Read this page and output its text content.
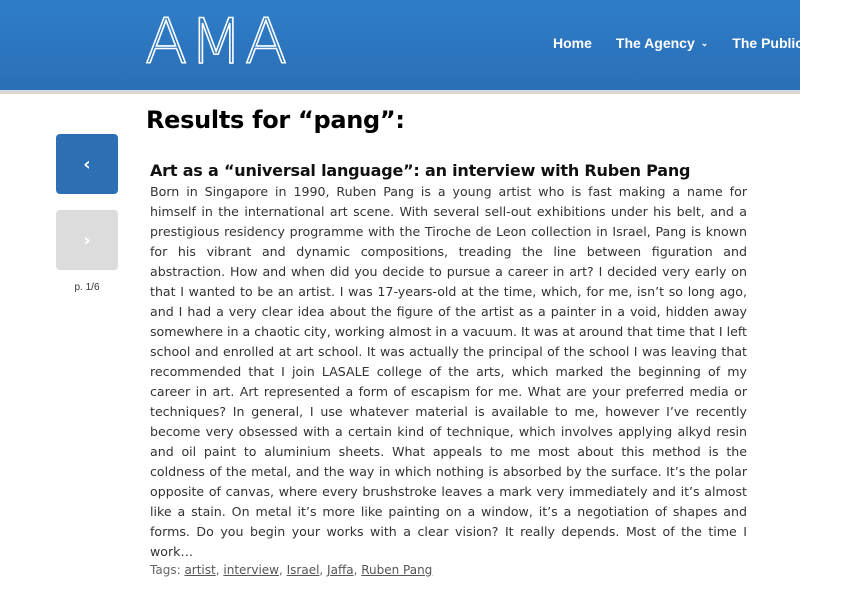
AMA	Home The Agency ⌄ The Publications
‹
›
p. 1/6
Results for “pang”:
Art as a “universal language”: an interview with Ruben Pang

Born in Singapore in 1990, Ruben Pang is a young artist who is fast making a name for himself in the international art scene. With several sell-out exhibitions under his belt, and a prestigious residency programme with the Tiroche de Leon collection in Israel, Pang is known for his vibrant and dynamic compositions, treading the line between figuration and abstraction. How and when did you decide to pursue a career in art? I decided very early on that I wanted to be an artist. I was 17-years-old at the time, which, for me, isn’t so long ago, and I had a very clear idea about the figure of the artist as a painter in a void, hidden away somewhere in a chaotic city, working almost in a vacuum. It was at around that time that I left school and enrolled at art school. It was actually the principal of the school I was leaving that recommended that I join LASALE college of the arts, which marked the beginning of my career in art. Art represented a form of escapism for me. What are your preferred media or techniques? In general, I use whatever material is available to me, however I’ve recently become very obsessed with a certain kind of technique, which involves applying alkyd resin and oil paint to aluminium sheets. What appeals to me most about this method is the coldness of the metal, and the way in which nothing is absorbed by the surface. It’s the polar opposite of canvas, where every brushstroke leaves a mark very immediately and it’s almost like a stain. On metal it’s more like painting on a window, it’s a negotiation of shapes and forms. Do you begin your works with a clear vision? It really depends. Most of the time I work…

Tags: artist, interview, Israel, Jaffa, Ruben Pang
